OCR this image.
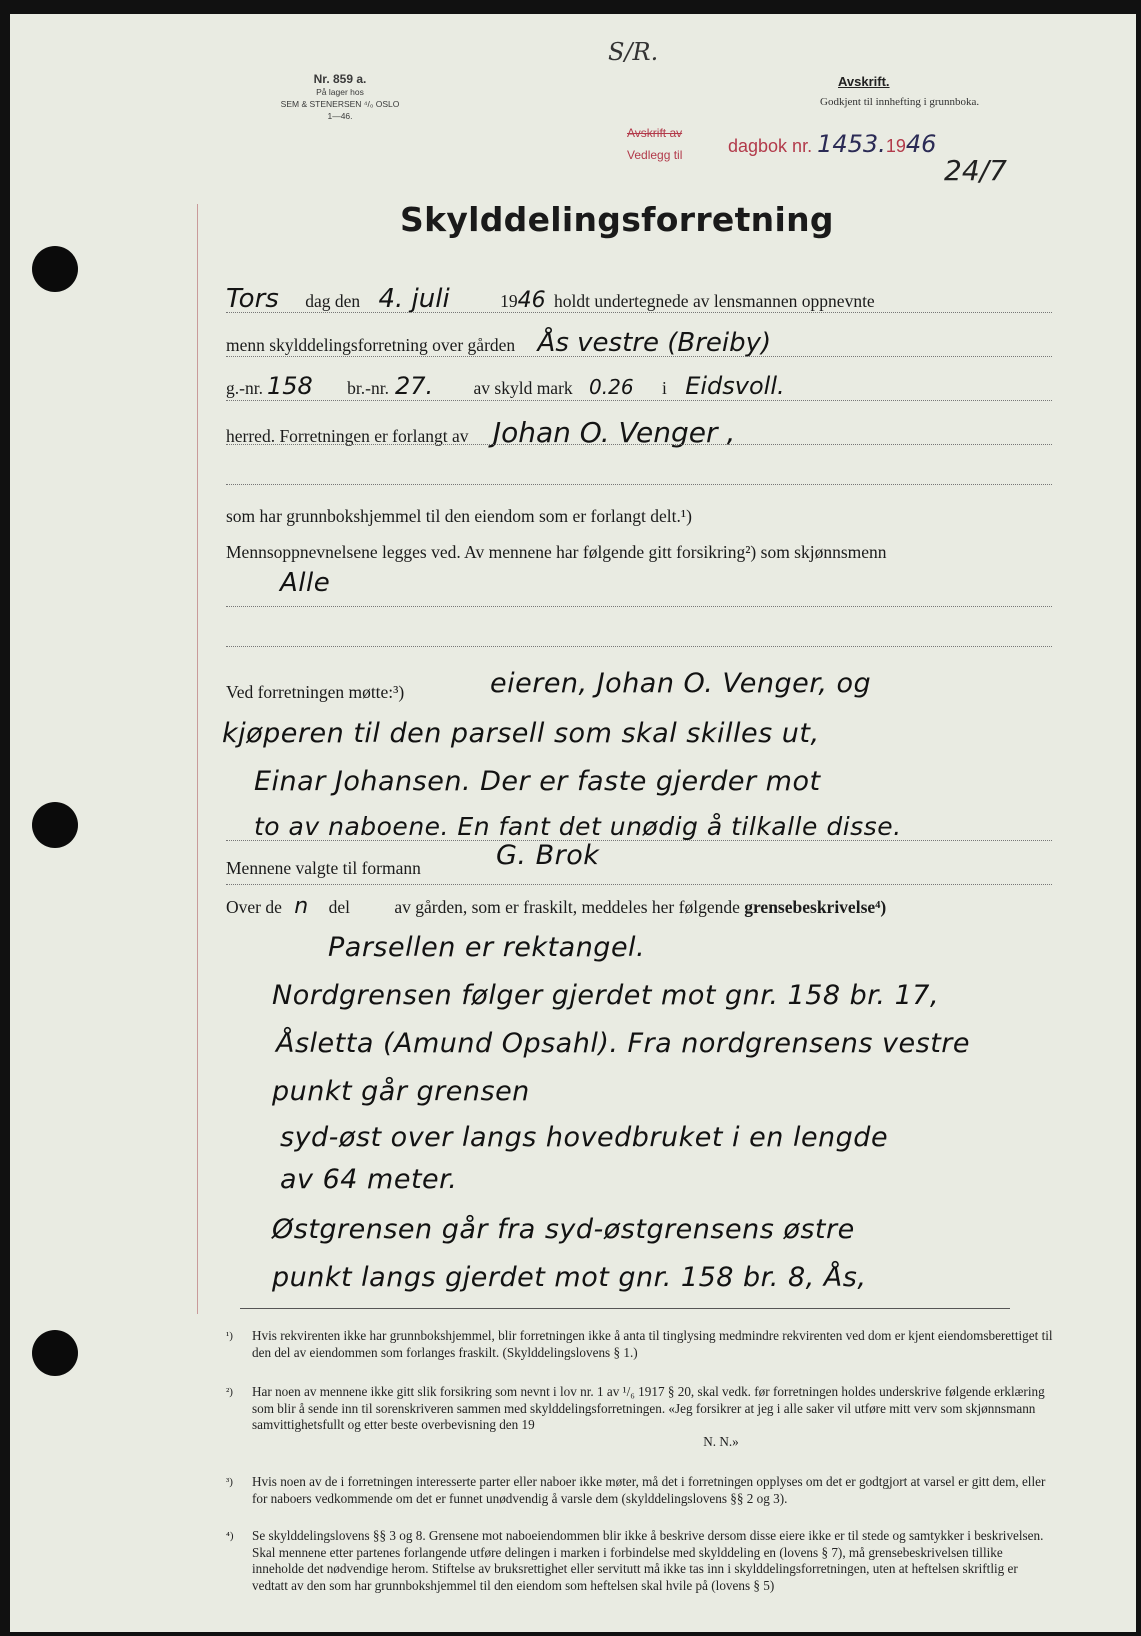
Nr. 859 a.
På lager hos
SEM & STENERSEN ⁴/₀ OSLO
1—46.
S/R.
Avskrift.
Godkjent til innhefting i grunnboka.
Avskrift av
Vedlegg til	dagbok nr. 1453.1946
24/7
Skylddelingsforretning
Tors dag den 4. juli	1946 holdt undertegnede av lensmannen oppnevnte
menn skylddelingsforretning over gården Ås vestre (Breiby)
g.-nr. 158 br.-nr. 27. av skyld mark 0.26 i Eidsvoll.
herred. Forretningen er forlangt av Johan O. Venger ,
som har grunnbokshjemmel til den eiendom som er forlangt delt.¹)
Mennsoppnevnelsene legges ved. Av mennene har følgende gitt forsikring²) som skjønnsmenn
Alle
Ved forretningen møtte:³)	eieren, Johan O. Venger, og
kjøperen til den parsell som skal skilles ut,
Einar Johansen. Der er faste gjerder mot
to av naboene. En fant det unødig å tilkalle disse.
Mennene valgte til formann	G. Brok
Over de n del	av gården, som er fraskilt, meddeles her følgende grensebeskrivelse⁴)
Parsellen er rektangel.
Nordgrensen følger gjerdet mot gnr. 158 br. 17,
Åsletta (Amund Opsahl). Fra nordgrensens vestre
punkt går grensen
syd-øst over langs hovedbruket i en lengde
av 64 meter.
Østgrensen går fra syd-østgrensens østre
punkt langs gjerdet mot gnr. 158 br. 8, Ås,
¹) Hvis rekvirenten ikke har grunnbokshjemmel, blir forretningen ikke å anta til tinglysing medmindre rekvirenten ved dom er kjent eiendomsberettiget til den del av eiendommen som forlanges fraskilt. (Skylddelingslovens § 1.)
²) Har noen av mennene ikke gitt slik forsikring som nevnt i lov nr. 1 av ¹/₆ 1917 § 20, skal vedk. før forretningen holdes underskrive følgende erklæring som blir å sende inn til sorenskriveren sammen med skylddelingsforretningen. «Jeg forsikrer at jeg i alle saker vil utføre mitt verv som skjønnsmann samvittighetsfullt og etter beste overbevisning den 19
N. N.»
³) Hvis noen av de i forretningen interesserte parter eller naboer ikke møter, må det i forretningen opplyses om det er godtgjort at varsel er gitt dem, eller for naboers vedkommende om det er funnet unødvendig å varsle dem (skylddelingslovens §§ 2 og 3).
⁴) Se skylddelingslovens §§ 3 og 8. Grensene mot naboeiendommen blir ikke å beskrive dersom disse eiere ikke er til stede og samtykker i beskrivelsen. Skal mennene etter partenes forlangende utføre delingen i marken i forbindelse med skylddeling en (lovens § 7), må grensebeskrivelsen tillike inneholde det nødvendige herom. Stiftelse av bruksrettighet eller servitutt må ikke tas inn i skylddelingsforretningen, uten at heftelsen skriftlig er vedtatt av den som har grunnbokshjemmel til den eiendom som heftelsen skal hvile på (lovens § 5)
